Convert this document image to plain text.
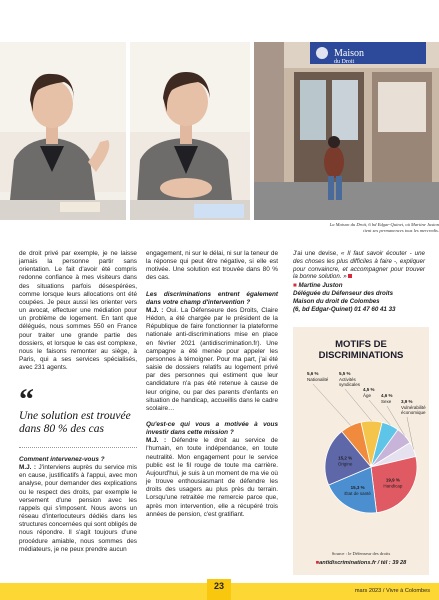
Maison
du Droit
La Maison du Droit, 6 bd Edgar-Quinet, où Martine Juston
tient ses permanences tous les mercredis.

de droit privé par exemple, je ne laisse jamais la personne partir sans orientation. Le fait d'avoir été compris redonne confiance à mes visiteurs dans des situations parfois désespérées, comme lorsque leurs allocations ont été coupées. Je peux aussi les orienter vers un avocat, effectuer une médiation pour un problème de logement. En tant que délégués, nous sommes 550 en France pour traiter une grande partie des dossiers, et lorsque le cas est complexe, nous le faisons remonter au siège, à Paris, qui a ses services spécialisés, avec 231 agents.

“
Une solution est trouvée dans 80 % des cas

Comment intervenez-vous ?

M.J. : J'interviens auprès du service mis en cause, justificatifs à l'appui, avec mon analyse, pour demander des explications ou le respect des droits, par exemple le versement d'une pension avec les rappels qui s'imposent. Nous avons un réseau d'interlocuteurs dédiés dans les structures concernées qui sont obligés de nous répondre. Il s'agit toujours d'une procédure amiable, nous sommes des médiateurs, je ne peux prendre aucun

engagement, ni sur le délai, ni sur la teneur de la réponse qui peut être négative, si elle est motivée. Une solution est trouvée dans 80 % des cas.

Les discriminations entrent également dans votre champ d'intervention ?

M.J. : Oui. La Défenseure des Droits, Claire Hédon, a été chargée par le président de la République de faire fonctionner la plateforme nationale anti-discriminations mise en place en février 2021 (antidiscrimination.fr). Une campagne a été menée pour appeler les personnes à témoigner. Pour ma part, j'ai été saisie de dossiers relatifs au logement privé par des personnes qui estiment que leur candidature n'a pas été retenue à cause de leur origine, ou par des parents d'enfants en situation de handicap, accueillis dans le cadre scolaire…

Qu'est-ce qui vous a motivée à vous investir dans cette mission ?

M.J. : Défendre le droit au service de l'humain, en toute indépendance, en toute neutralité. Mon engagement pour le service public est le fil rouge de toute ma carrière. Aujourd'hui, je suis à un moment de ma vie où je trouve enthousiasmant de défendre les droits des usagers au plus près du terrain. Lorsqu'une retraitée me remercie parce que, après mon intervention, elle a récupéré trois années de pension, c'est gratifiant.

J'ai une devise, « Il faut savoir écouter - une des choses les plus difficiles à faire -, expliquer pour convaincre, et accompagner pour trouver la bonne solution. »

■ Martine Juston

Déléguée du Défenseur des droits

Maison du droit de Colombes

(6, bd Edgar-Quinet) 01 47 60 41 33

MOTIFS DE DISCRIMINATIONS
19,9 %
Handicap
15,3 %
État de santé
15,2 %
Origine
5,6 %
Nationalité
5,5 %
Activités
syndicales
4,5 %
Âge 4,6 %
Sexe 3,9 %
Vulnérabilité
économique
Source : le Défenseur des droits
■antidiscriminations.fr / tél : 39 28
23	mars 2023 / Vivre à Colombes
